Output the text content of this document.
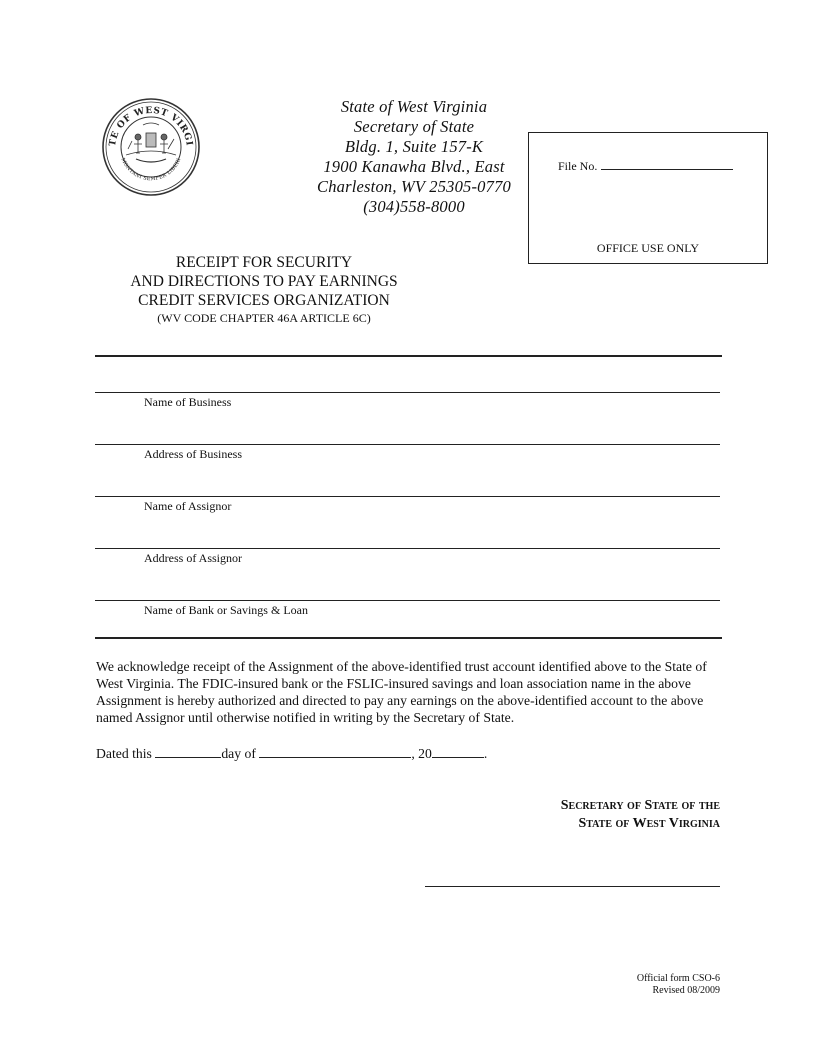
TE OF WEST VIRGI
MONTANI SEMPER LIBERI
State of West Virginia
Secretary of State
Bldg. 1, Suite 157-K
1900 Kanawha Blvd., East
Charleston, WV 25305-0770
(304)558-8000
File No.
OFFICE USE ONLY
RECEIPT FOR SECURITY
AND DIRECTIONS TO PAY EARNINGS
CREDIT SERVICES ORGANIZATION
(WV CODE CHAPTER 46A ARTICLE 6C)
Name of Business
Address of Business
Name of Assignor
Address of Assignor
Name of Bank or Savings & Loan
We acknowledge receipt of the Assignment of the above-identified trust account identified above to the State of West Virginia. The FDIC-insured bank or the FSLIC-insured savings and loan association name in the above Assignment is hereby authorized and directed to pay any earnings on the above-identified account to the above named Assignor until otherwise notified in writing by the Secretary of State.
Dated this	day of	, 20	.
Secretary of State of the
State of West Virginia
Official form CSO-6
Revised 08/2009
